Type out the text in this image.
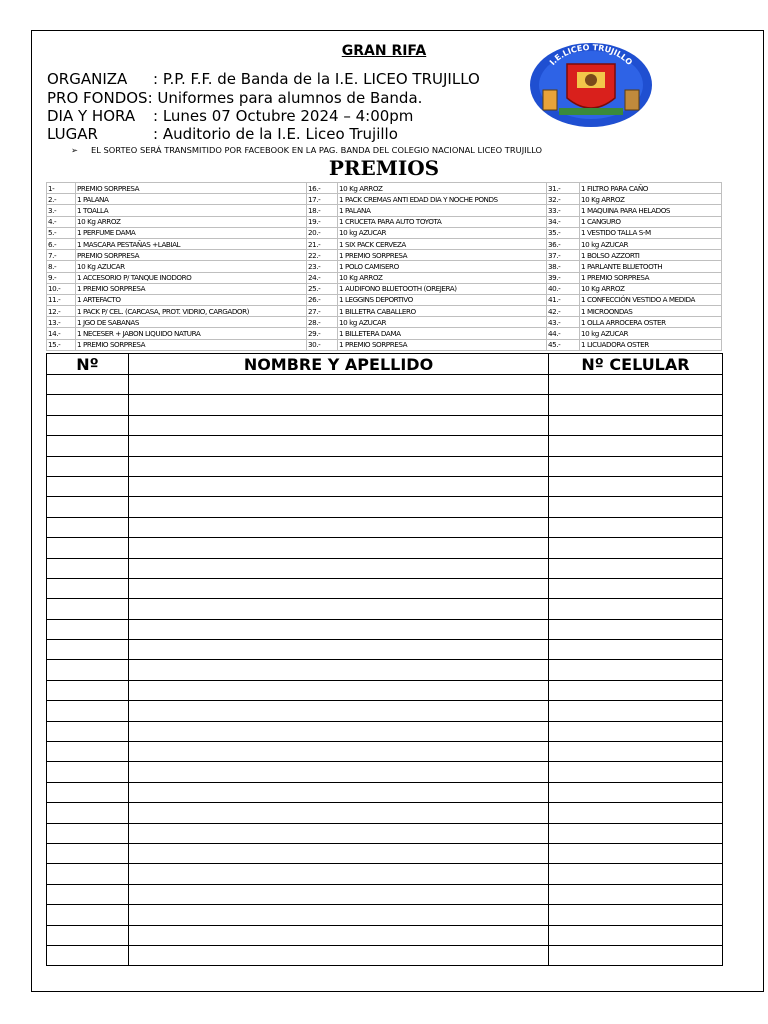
GRAN RIFA
ORGANIZA : P.P. F.F. de Banda de la I.E. LICEO TRUJILLO
PRO FONDOS: Uniformes para alumnos de Banda.
DIA Y HORA : Lunes 07 Octubre 2024 – 4:00pm
LUGAR	: Auditorio de la I.E. Liceo Trujillo
➢ EL SORTEO SERÁ TRANSMITIDO POR FACEBOOK EN LA PAG. BANDA DEL COLEGIO NACIONAL LICEO TRUJILLO
I.E.LICEO TRUJILLO
PREMIOS
1-	PREMIO SORPRESA	16.-	10 Kg ARROZ	31.-	1 FILTRO PARA CAÑO
2.-	1 PALANA	17.-	1 PACK CREMAS ANTI EDAD DIA Y NOCHE PONDS	32.-	10 Kg ARROZ
3.-	1 TOALLA	18.-	1 PALANA	33.-	1 MAQUINA PARA HELADOS
4.-	10 Kg ARROZ	19.-	1 CRUCETA PARA AUTO TOYOTA	34.-	1 CANGURO
5.-	1 PERFUME DAMA	20.-	10 kg AZUCAR	35.-	1 VESTIDO TALLA S-M
6.-	1 MASCARA PESTAÑAS +LABIAL	21.-	1 SIX PACK CERVEZA	36.-	10 kg AZUCAR
7.-	PREMIO SORPRESA	22.-	1 PREMIO SORPRESA	37.-	1 BOLSO AZZORTI
8.-	10 Kg AZUCAR	23.-	1 POLO CAMISERO	38.-	1 PARLANTE BLUETOOTH
9.-	1 ACCESORIO P/ TANQUE INODORO	24.-	10 Kg ARROZ	39.-	1 PREMIO SORPRESA
10.-	1 PREMIO SORPRESA	25.-	1 AUDIFONO BLUETOOTH (OREJERA)	40.-	10 Kg ARROZ
11.-	1 ARTEFACTO	26.-	1 LEGGINS DEPORTIVO	41.-	1 CONFECCIÓN VESTIDO A MEDIDA
12.-	1 PACK P/ CEL. (CARCASA, PROT. VIDRIO, CARGADOR)	27.-	1 BILLETRA CABALLERO	42.-	1 MICROONDAS
13.-	1 JGO DE SABANAS	28.-	10 kg AZUCAR	43.-	1 OLLA ARROCERA OSTER
14.-	1 NECESER + JABON LIQUIDO NATURA	29.-	1 BILLETERA DAMA	44.-	10 kg AZUCAR
15.-	1 PREMIO SORPRESA	30.-	1 PREMIO SORPRESA	45.-	1 LICUADORA OSTER
Nº	NOMBRE Y APELLIDO	Nº CELULAR
